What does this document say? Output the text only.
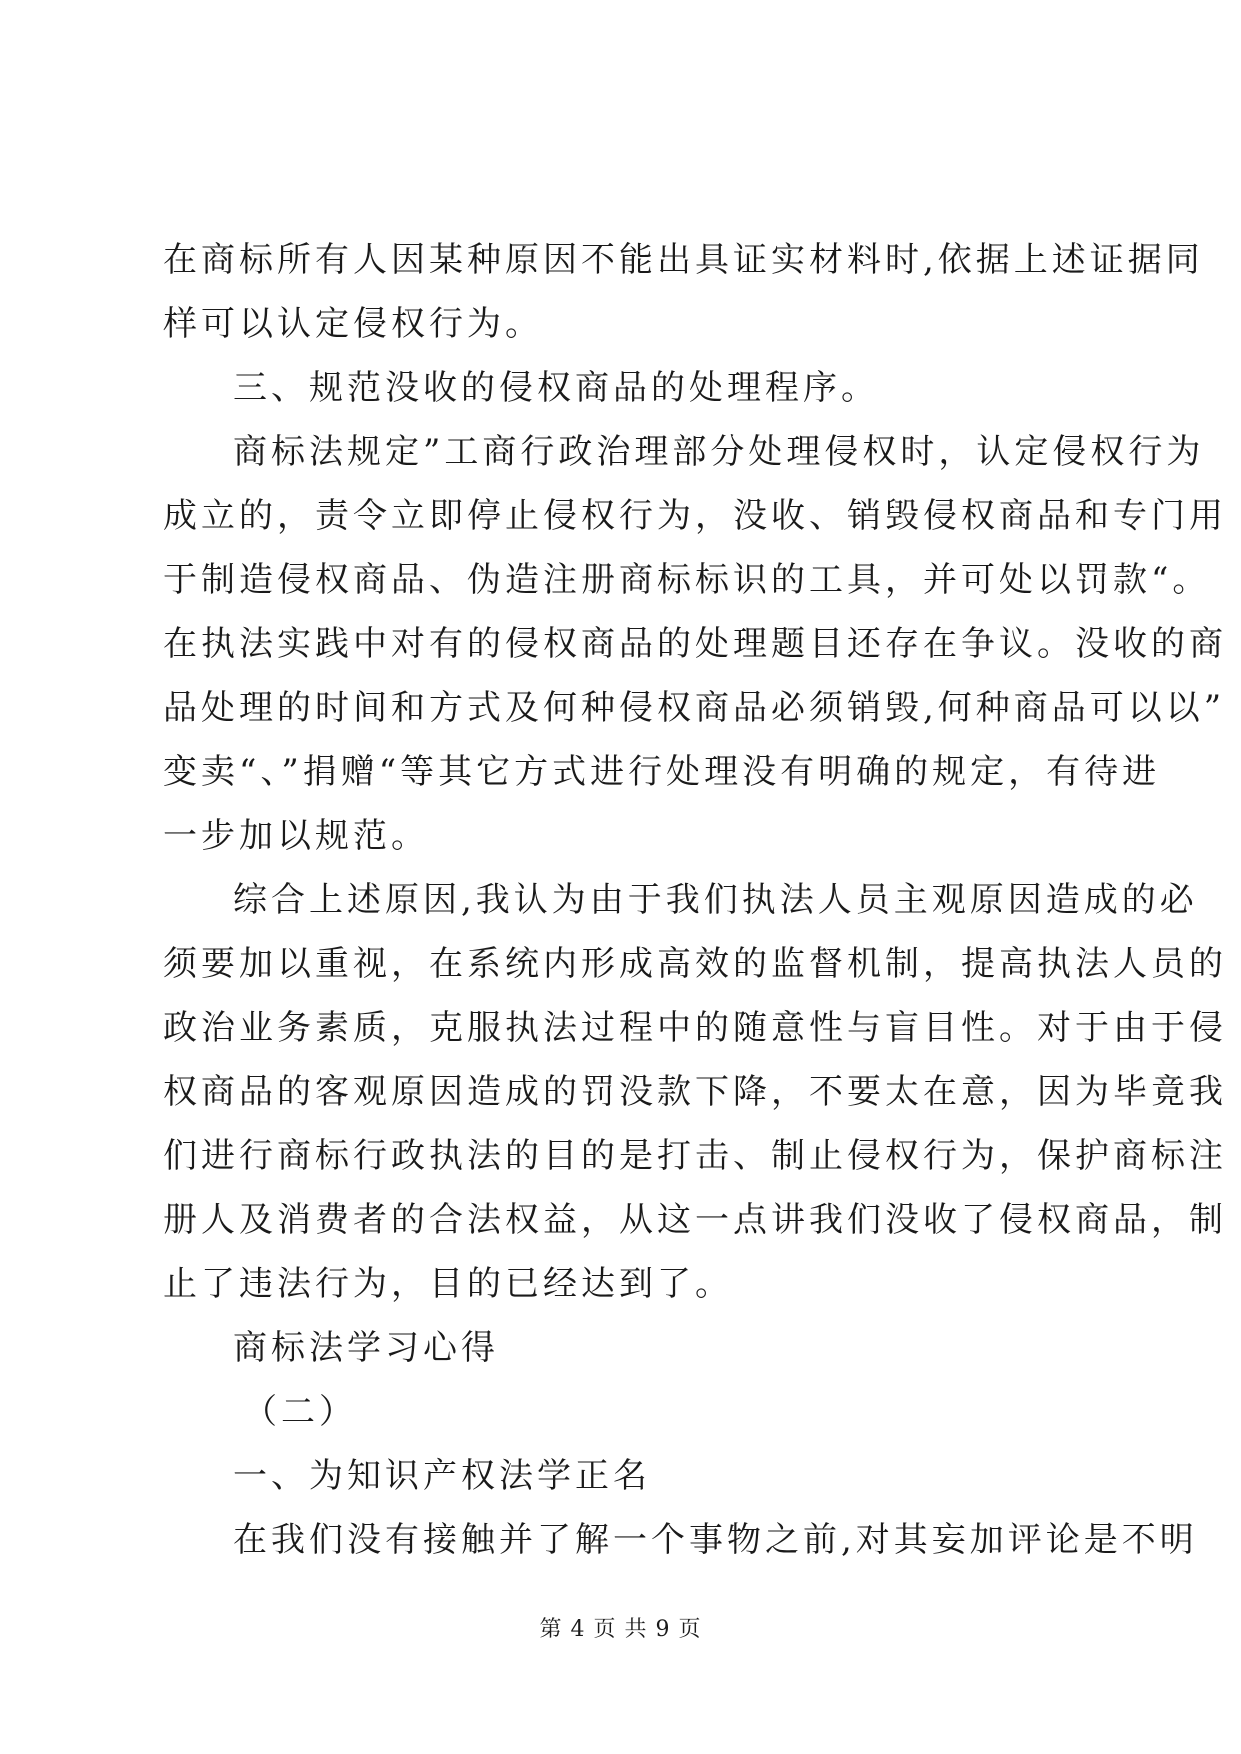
在商标所有人因某种原因不能出具证实材料时,依据上述证据同
样可以认定侵权行为。
三、规范没收的侵权商品的处理程序。
商标法规定”工商行政治理部分处理侵权时，认定侵权行为
成立的，责令立即停止侵权行为，没收、销毁侵权商品和专门用
于制造侵权商品、伪造注册商标标识的工具，并可处以罚款“。
在执法实践中对有的侵权商品的处理题目还存在争议。没收的商
品处理的时间和方式及何种侵权商品必须销毁,何种商品可以以”
变卖“、”捐赠“等其它方式进行处理没有明确的规定，有待进
一步加以规范。
综合上述原因,我认为由于我们执法人员主观原因造成的必
须要加以重视，在系统内形成高效的监督机制，提高执法人员的
政治业务素质，克服执法过程中的随意性与盲目性。对于由于侵
权商品的客观原因造成的罚没款下降，不要太在意，因为毕竟我
们进行商标行政执法的目的是打击、制止侵权行为，保护商标注
册人及消费者的合法权益，从这一点讲我们没收了侵权商品，制
止了违法行为，目的已经达到了。
商标法学习心得
（二）
一、为知识产权法学正名
在我们没有接触并了解一个事物之前,对其妄加评论是不明
第 4 页 共 9 页
